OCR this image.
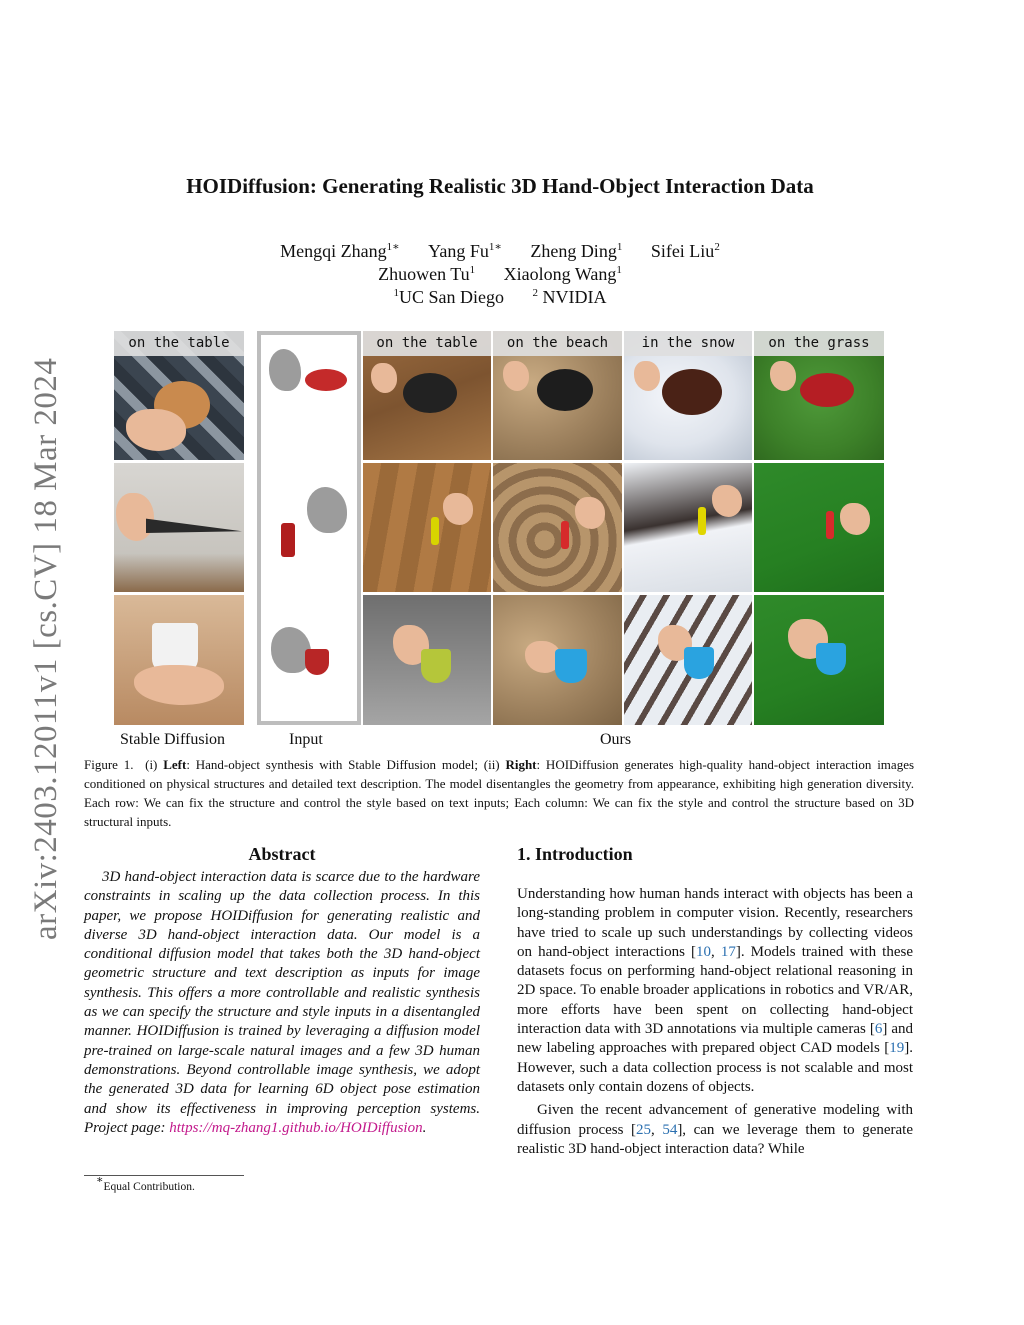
arXiv:2403.12011v1 [cs.CV] 18 Mar 2024
HOIDiffusion: Generating Realistic 3D Hand-Object Interaction Data
Mengqi Zhang$^{1∗}$ Yang $Fu^{1∗}$ Zheng Ding$^1$ Sifei Liu$^2$
Zhuowen Tu$^1$ Xiaolong Wang$^1$
$^1$UC San Diego	$^2$ NVIDIA
on the table	on the table	on the beach	in the snow	on the grass
Stable Diffusion	Input	Ours
Figure 1. (i) Left: Hand-object synthesis with Stable Diffusion model; (ii) Right: HOIDiffusion generates high-quality hand-object interaction images conditioned on physical structures and detailed text description. The model disentangles the geometry from appearance, exhibiting high generation diversity. Each row: We can fix the structure and control the style based on text inputs; Each column: We can fix the style and control the structure based on 3D structural inputs.
Abstract
3D hand-object interaction data is scarce due to the hardware constraints in scaling up the data collection process. In this paper, we propose HOIDiffusion for generating realistic and diverse 3D hand-object interaction data. Our model is a conditional diffusion model that takes both the 3D hand-object geometric structure and text description as inputs for image synthesis. This offers a more controllable and realistic synthesis as we can specify the structure and style inputs in a disentangled manner. HOIDiffusion is trained by leveraging a diffusion model pre-trained on large-scale natural images and a few 3D human demonstrations. Beyond controllable image synthesis, we adopt the generated 3D data for learning 6D object pose estimation and show its effectiveness in improving perception systems. Project page: https://mq-zhang1.github.io/HOIDiffusion.
∗Equal Contribution.
1. Introduction

Understanding how human hands interact with objects has been a long-standing problem in computer vision. Recently, researchers have tried to scale up such understandings by collecting videos on hand-object interactions [10, 17]. Models trained with these datasets focus on performing hand-object relational reasoning in 2D space. To enable broader applications in robotics and VR/AR, more efforts have been spent on collecting hand-object interaction data with 3D annotations via multiple cameras [6] and new labeling approaches with prepared object CAD models [19]. However, such a data collection process is not scalable and most datasets only contain dozens of objects.

Given the recent advancement of generative modeling with diffusion process [25, 54], can we leverage them to generate realistic 3D hand-object interaction data? While
